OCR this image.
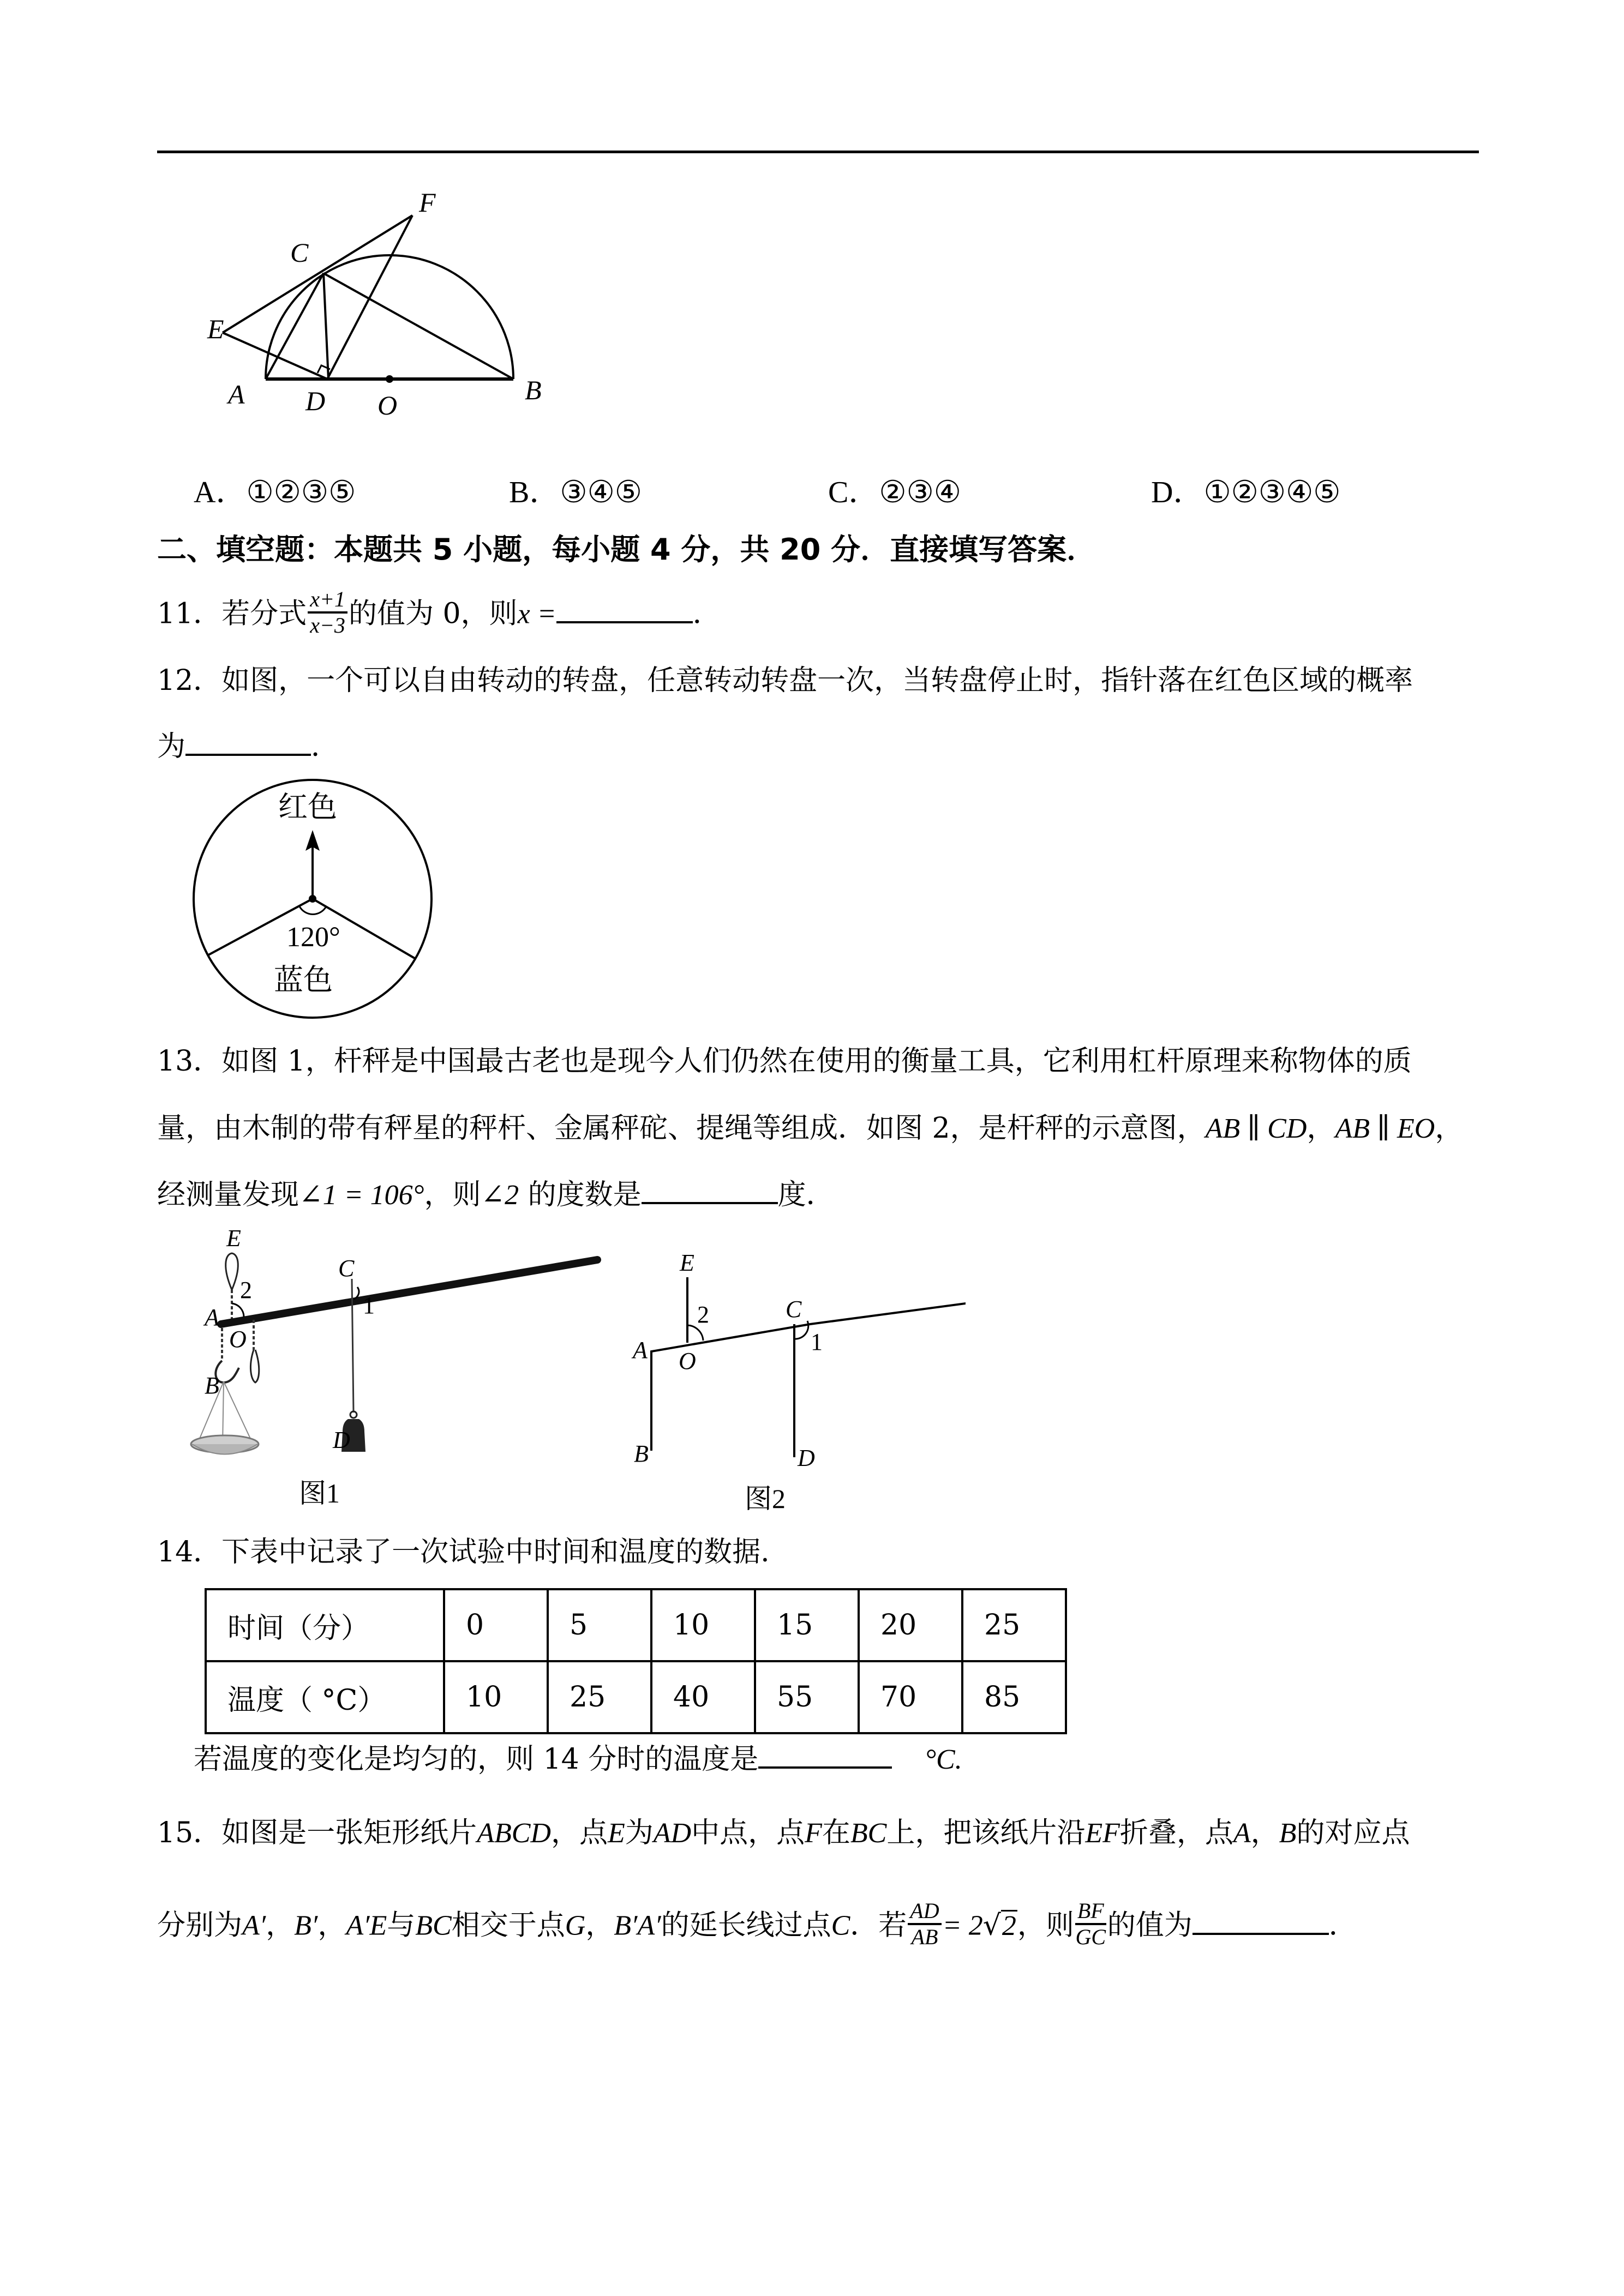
F
C
E
A D O	B
A．①②③⑤	B．③④⑤	C．②③④	D．①②③④⑤
二、填空题：本题共 5 小题，每小题 4 分，共 20 分．直接填写答案．
11．若分式 $\frac{x+1}{x-3}$ 的值为 0，则x =	．
12．如图，一个可以自由转动的转盘，任意转动转盘一次，当转盘停止时，指针落在红色区域的概率
为	．
红色
120°
蓝色
13．如图 1，杆秤是中国最古老也是现今人们仍然在使用的衡量工具，它利用杠杆原理来称物体的质
量，由木制的带有秤星的秤杆、金属秤砣、提绳等组成．如图 2，是杆秤的示意图，AB ∥ CD，AB ∥ EO，
经测量发现∠1 = 106°，则∠2 的度数是	度．
E
2
A
O
B
C
1
D
图1
E
2
A O
C
1
B	D
图2
14．下表中记录了一次试验中时间和温度的数据.
时间（分）	0	5	10	15	20	25
温度（ °C）	10	25	40	55	70	85
若温度的变化是均匀的，则 14 分时的温度是	°C.
15．如图是一张矩形纸片ABCD，点E为AD中点，点F在BC上，把该纸片沿EF折叠，点A，B的对应点
分别为A′，B′，A′E与BC相交于点G，B′A′的延长线过点C．若 $\frac{AD}{AB} = 2√2$，则 $\frac{BF}{GC}$ 的值为	．
